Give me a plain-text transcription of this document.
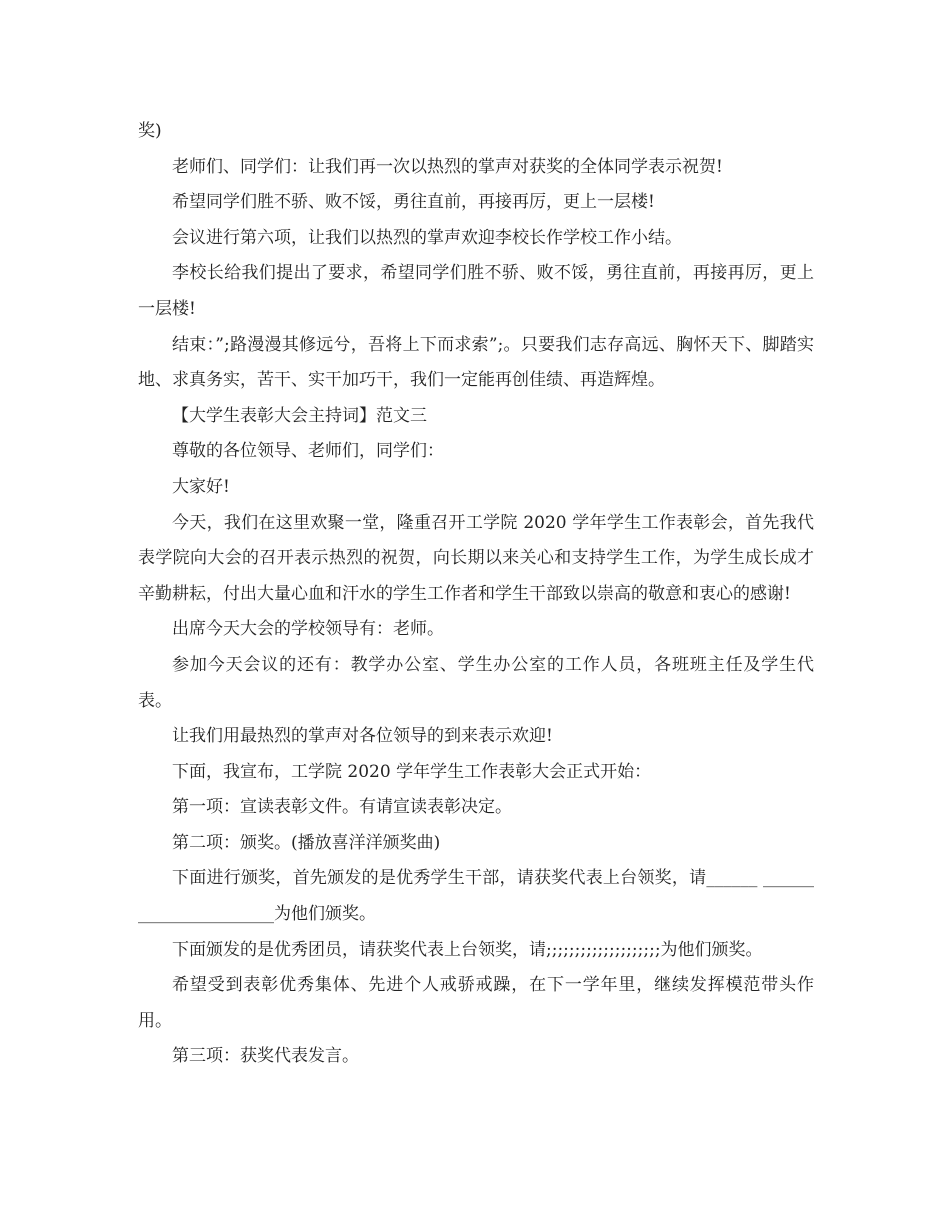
奖)

老师们、同学们：让我们再一次以热烈的掌声对获奖的全体同学表示祝贺!

希望同学们胜不骄、败不馁，勇往直前，再接再厉，更上一层楼!

会议进行第六项，让我们以热烈的掌声欢迎李校长作学校工作小结。

李校长给我们提出了要求，希望同学们胜不骄、败不馁，勇往直前，再接再厉，更上一层楼!

结束：”;路漫漫其修远兮，吾将上下而求索”;。只要我们志存高远、胸怀天下、脚踏实地、求真务实，苦干、实干加巧干，我们一定能再创佳绩、再造辉煌。

【大学生表彰大会主持词】范文三

尊敬的各位领导、老师们，同学们：

大家好!

今天，我们在这里欢聚一堂，隆重召开工学院 2020 学年学生工作表彰会，首先我代表学院向大会的召开表示热烈的祝贺，向长期以来关心和支持学生工作，为学生成长成才辛勤耕耘，付出大量心血和汗水的学生工作者和学生干部致以崇高的敬意和衷心的感谢!

出席今天大会的学校领导有：老师。

参加今天会议的还有：教学办公室、学生办公室的工作人员，各班班主任及学生代表。

让我们用最热烈的掌声对各位领导的到来表示欢迎!

下面，我宣布，工学院 2020 学年学生工作表彰大会正式开始：

第一项：宣读表彰文件。有请宣读表彰决定。

第二项：颁奖。(播放喜洋洋颁奖曲)

下面进行颁奖，首先颁发的是优秀学生干部，请获奖代表上台领奖，请______ ______________________为他们颁奖。

下面颁发的是优秀团员，请获奖代表上台领奖，请;;;;;;;;;;;;;;;;;;;;为他们颁奖。

希望受到表彰优秀集体、先进个人戒骄戒躁，在下一学年里，继续发挥模范带头作用。

第三项：获奖代表发言。
